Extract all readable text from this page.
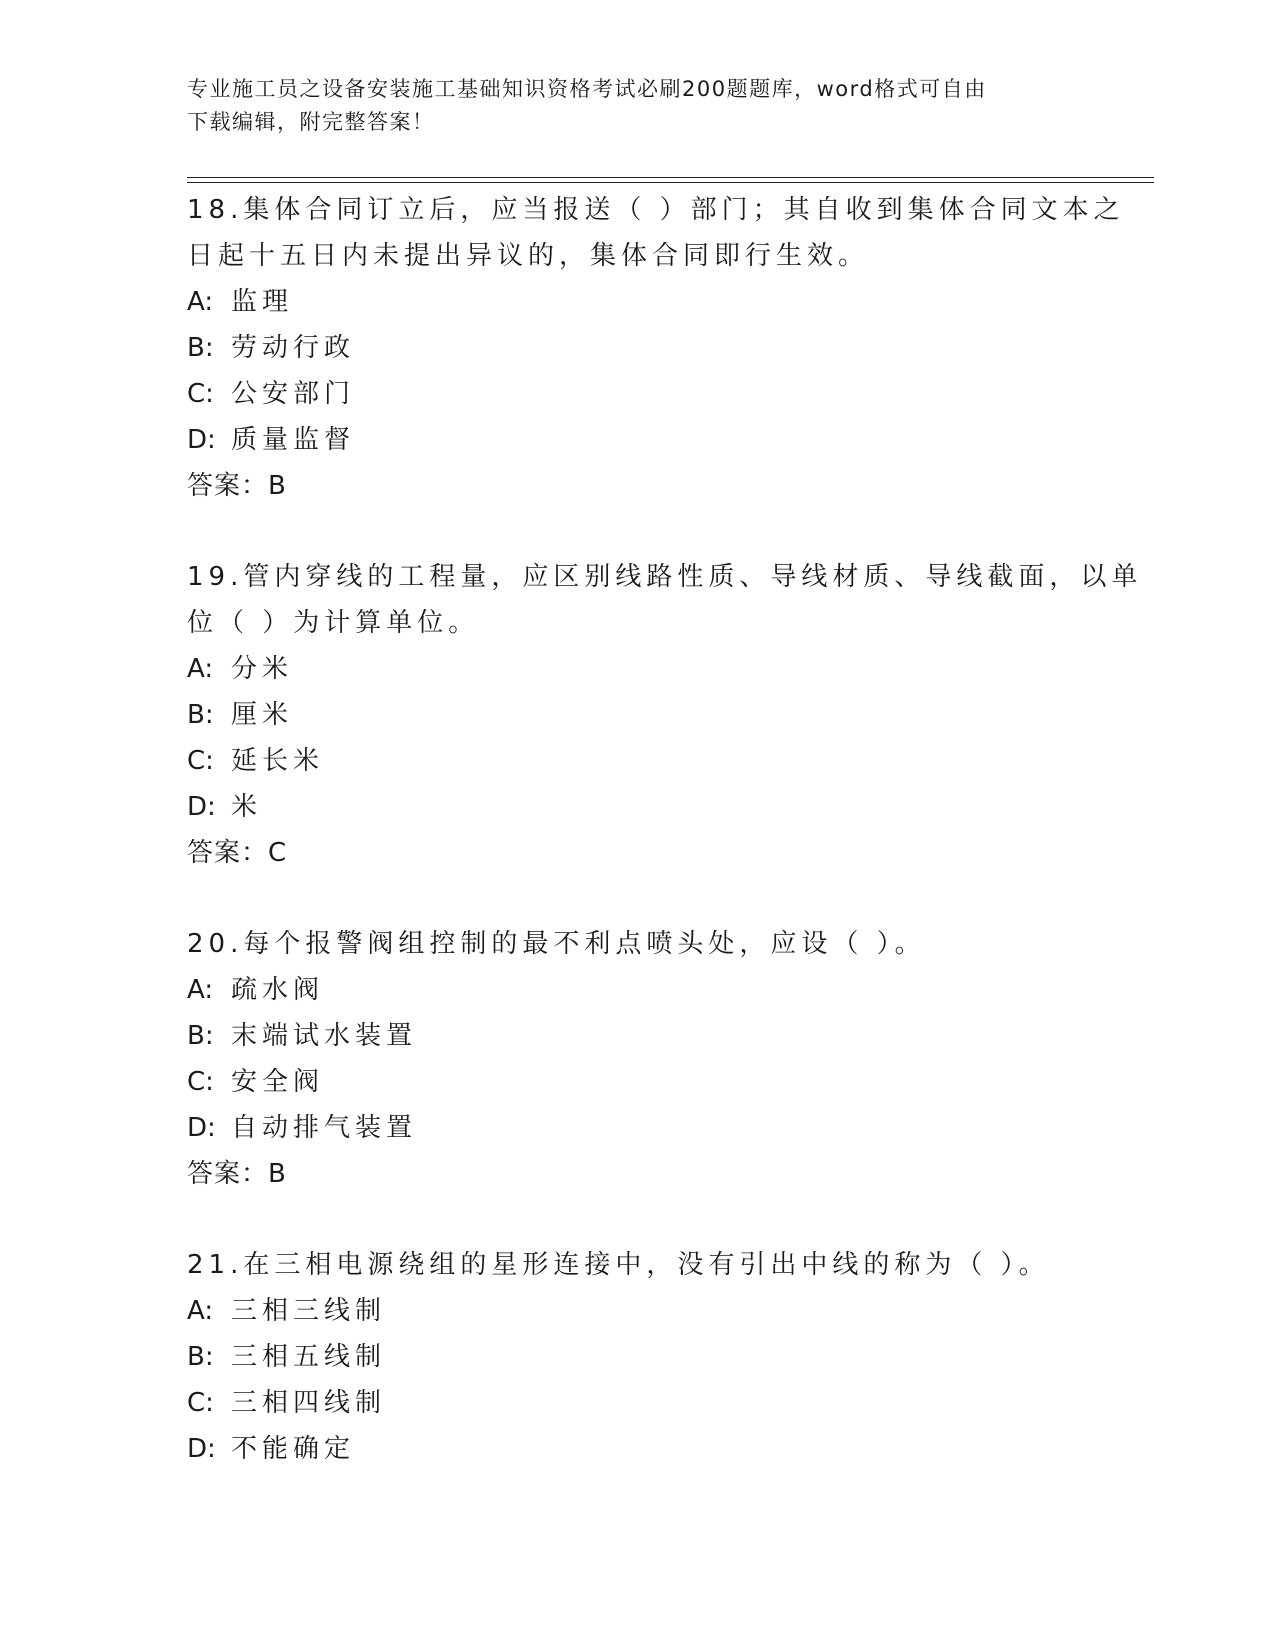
专业施工员之设备安装施工基础知识资格考试必刷200题题库，word格式可自由

下载编辑，附完整答案！

18.集体合同订立后，应当报送（ ）部门；其自收到集体合同文本之
日起十五日内未提出异议的，集体合同即行生效。
A: 监理
B: 劳动行政
C: 公安部门
D: 质量监督
答案：B
19.管内穿线的工程量，应区别线路性质、导线材质、导线截面，以单
位（ ）为计算单位。
A: 分米
B: 厘米
C: 延长米
D: 米
答案：C
20.每个报警阀组控制的最不利点喷头处，应设（ ）。
A: 疏水阀
B: 末端试水装置
C: 安全阀
D: 自动排气装置
答案：B
21.在三相电源绕组的星形连接中，没有引出中线的称为（ ）。
A: 三相三线制
B: 三相五线制
C: 三相四线制
D: 不能确定
